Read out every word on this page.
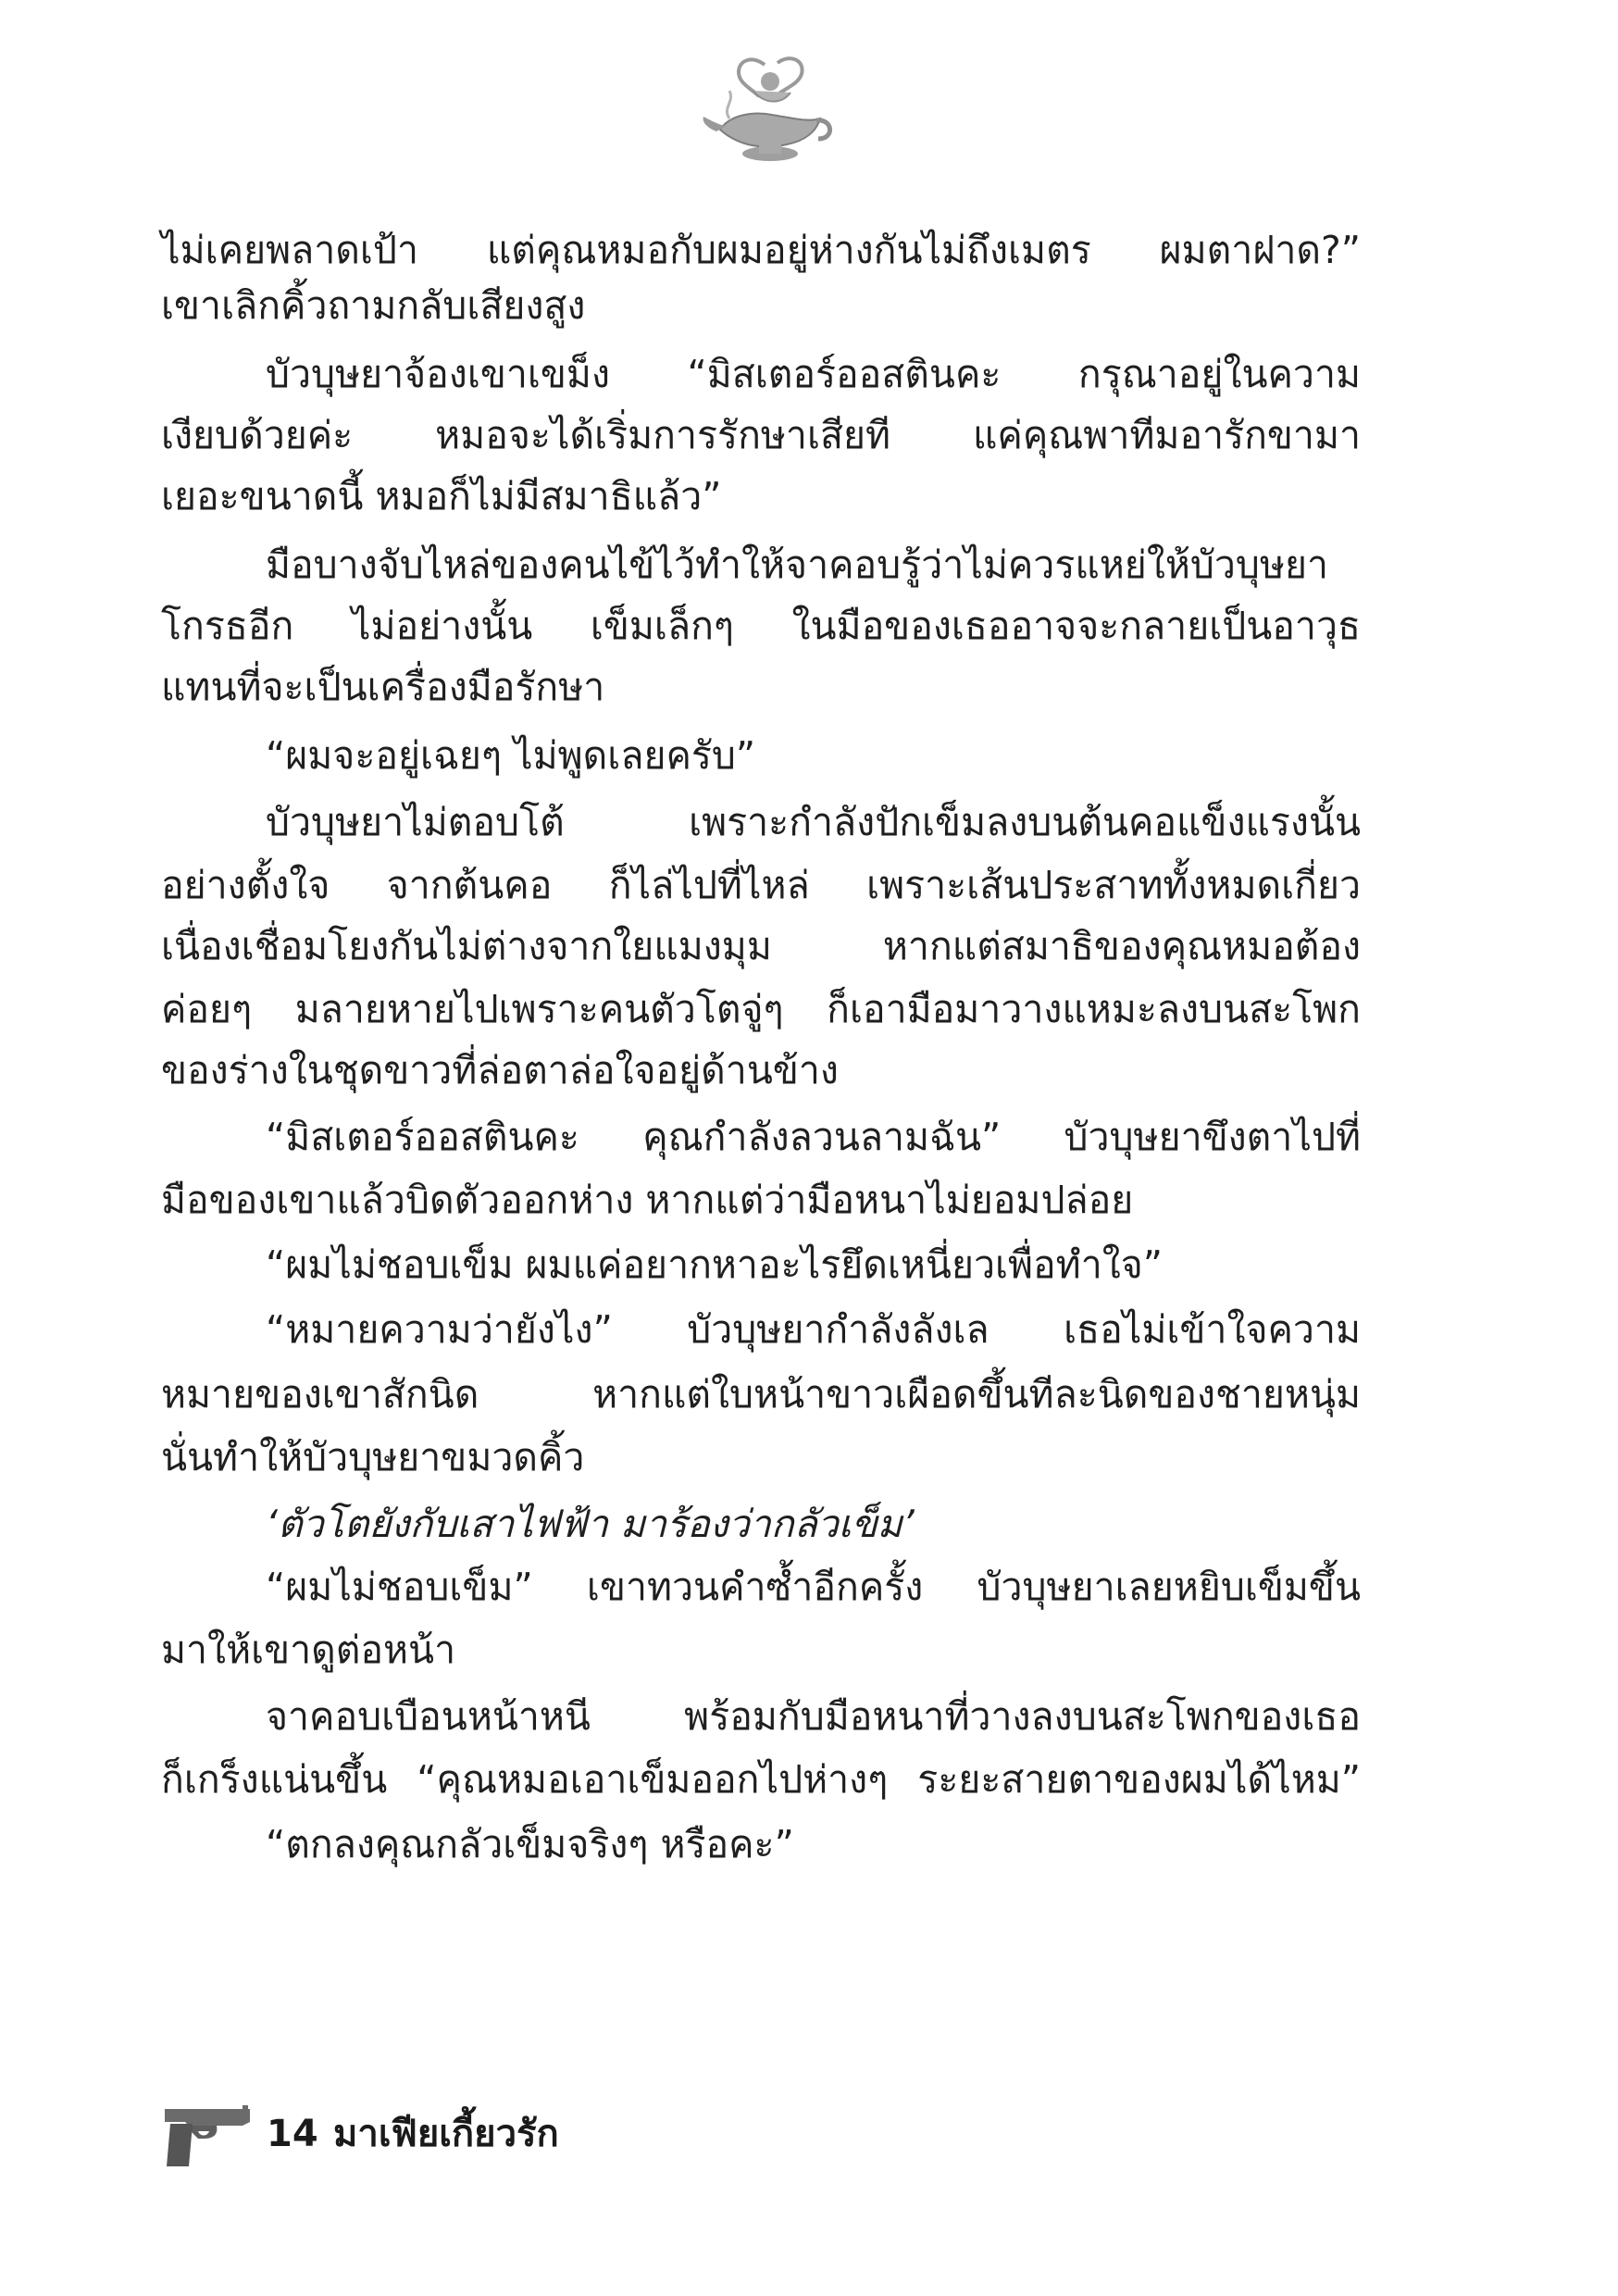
ไม่เคยพลาดเป้า แต่คุณหมอกับผมอยู่ห่างกันไม่ถึงเมตร ผมตาฝาด?”
เขาเลิกคิ้วถามกลับเสียงสูง
บัวบุษยาจ้องเขาเขม็ง “มิสเตอร์ออสตินคะ กรุณาอยู่ในความ
เงียบด้วยค่ะ หมอจะได้เริ่มการรักษาเสียที แค่คุณพาทีมอารักขามา
เยอะขนาดนี้ หมอก็ไม่มีสมาธิแล้ว”
มือบางจับไหล่ของคนไข้ไว้ทำให้จาคอบรู้ว่าไม่ควรแหย่ให้บัวบุษยา
โกรธอีก ไม่อย่างนั้น เข็มเล็กๆ ในมือของเธออาจจะกลายเป็นอาวุธ
แทนที่จะเป็นเครื่องมือรักษา
“ผมจะอยู่เฉยๆ ไม่พูดเลยครับ”
บัวบุษยาไม่ตอบโต้ เพราะกำลังปักเข็มลงบนต้นคอแข็งแรงนั้น
อย่างตั้งใจ จากต้นคอ ก็ไล่ไปที่ไหล่ เพราะเส้นประสาททั้งหมดเกี่ยว
เนื่องเชื่อมโยงกันไม่ต่างจากใยแมงมุม หากแต่สมาธิของคุณหมอต้อง
ค่อยๆ มลายหายไปเพราะคนตัวโตจู่ๆ ก็เอามือมาวางแหมะลงบนสะโพก
ของร่างในชุดขาวที่ล่อตาล่อใจอยู่ด้านข้าง
“มิสเตอร์ออสตินคะ คุณกำลังลวนลามฉัน” บัวบุษยาขึงตาไปที่
มือของเขาแล้วบิดตัวออกห่าง หากแต่ว่ามือหนาไม่ยอมปล่อย
“ผมไม่ชอบเข็ม ผมแค่อยากหาอะไรยึดเหนี่ยวเพื่อทำใจ”
“หมายความว่ายังไง” บัวบุษยากำลังลังเล เธอไม่เข้าใจความ
หมายของเขาสักนิด หากแต่ใบหน้าขาวเผือดขึ้นทีละนิดของชายหนุ่ม
นั่นทำให้บัวบุษยาขมวดคิ้ว
‘ตัวโตยังกับเสาไฟฟ้า มาร้องว่ากลัวเข็ม’
“ผมไม่ชอบเข็ม” เขาทวนคำซ้ำอีกครั้ง บัวบุษยาเลยหยิบเข็มขึ้น
มาให้เขาดูต่อหน้า
จาคอบเบือนหน้าหนี พร้อมกับมือหนาที่วางลงบนสะโพกของเธอ
ก็เกร็งแน่นขึ้น “คุณหมอเอาเข็มออกไปห่างๆ ระยะสายตาของผมได้ไหม”
“ตกลงคุณกลัวเข็มจริงๆ หรือคะ”
14 มาเฟียเกี้ยวรัก
